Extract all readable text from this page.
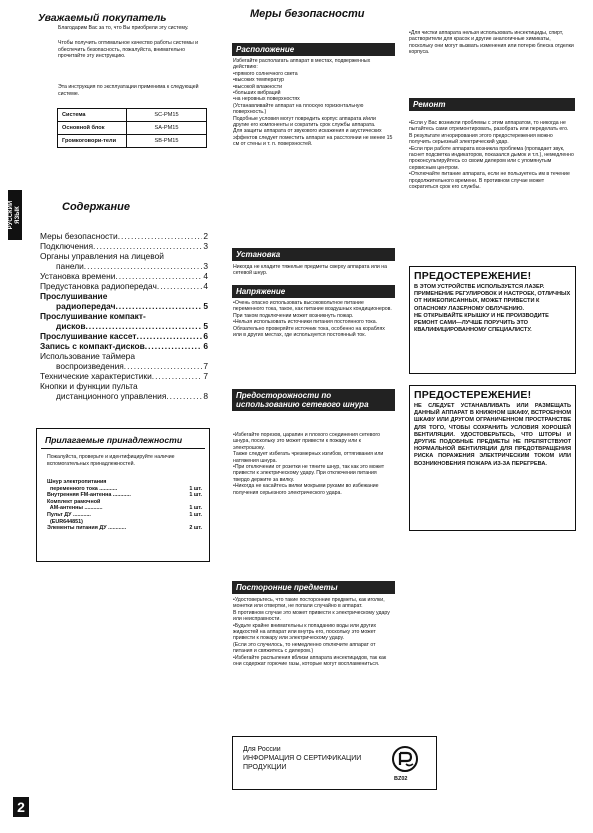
Уважаемый покупатель
Благодарим Вас за то, что Вы приобрели эту систему.
Чтобы получить оптимальное качество работы системы и обеспечить безопасность, пожалуйста, внимательно прочитайте эту инструкцию.
Эта инструкция по эксплуатации применима к следующей системе.
Система	SC-PM15
Основной блок	SA-PM15
Громкоговори-тели	SB-PM15
РУССКИЙ ЯЗЫК	Содержание
Меры безопасности .....	2
Подключения .....	3
Органы управления на лицевой
панели .....	3
Установка времени .....	4
Предустановка радиопередач .....	4
Прослушивание
радиопередач .....	5
Прослушивание компакт-
дисков .....	5
Прослушивание кассет .....	6
Запись с компакт-дисков .....	6
Использование таймера
воспроизведения .....	7
Технические характеристики .....	7
Кнопки и функции пульта
дистанционного управления .....	8
Прилагаемые принадлежности
Пожалуйста, проверьте и идентифицируйте наличие вспомогательных принадлежностей.
Шнур электропитания
переменного тока ............	1 шт.
Внутренняя FM-антенна ............	1 шт.
Комплект рамочной
AM-антенны ............	1 шт.
Пульт ДУ ............	1 шт.
(EUR644851)
Элементы питания ДУ ............	2 шт.
Меры безопасности
Расположение
Избегайте располагать аппарат в местах, подверженных действию:
•прямого солнечного света
•высоких температур
•высокой влажности
•больших вибраций
•на неровных поверхностях
(Устанавливайте аппарат на плоскую горизонтальную поверхность.)
Подобные условия могут повредить корпус аппарата и/или другие его компоненты и сократить срок службы аппарата.
Для защиты аппарата от звукового искажения и акустических эффектов следует поместить аппарат на расстоянии не менее 15 см от стены и т. п. поверхностей.
Установка
Никогда не кладите тяжелые предметы сверху аппарата или на сетевой шнур.
Напряжение
•Очень опасно использовать высоковольтное питание переменного тока, такое, как питание воздушных кондиционеров.
При таком подключении может возникнуть пожар.
•Нельзя использовать источники питания постоянного тока.
Обязательно проверяйте источник тока, особенно на кораблях или в других местах, где используется постоянный ток.
Предосторожности по использованию сетевого шнура
•Избегайте порезов, царапин и плохого соединения сетевого шнура, поскольку это может привести к пожару или к электрошоку.
Также следует избегать чрезмерных изгибов, оттягивания или натяжения шнура.
•При отключении от розетки не тяните шнур, так как это может привести к электрическому удару. При отключении питания твердо держите за вилку.
•Никогда не касайтесь вилки мокрыми руками во избежание получения серьезного электрического удара.
Посторонние предметы
•Удостоверьтесь, что такие посторонние предметы, как иголки, монетки или отвертки, не попали случайно в аппарат.
В противном случае это может привести к электрическому удару или неисправности.
•Будьте крайне внимательны к попаданию воды или других жидкостей на аппарат или внутрь его, поскольку это может привести к пожару или электрическому удару.
(Если это случилось, то немедленно отключите аппарат от питания и свяжитесь с дилером.)
•Избегайте распыления вблизи аппарата инсектицидов, так как они содержат горючие газы, которые могут воспламениться.
•Для чистки аппарата нельзя использовать инсектициды, спирт, растворители для красок и другие аналогичные химикаты, поскольку они могут вызвать изменения или потерю блеска отделки корпуса.
Ремонт
•Если у Вас возникли проблемы с этим аппаратом, то никогда не пытайтесь сами отремонтировать, разобрать или переделать его.
В результате игнорирования этого предостережения можно получить серьезный электрический удар.
•Если при работе аппарата возникла проблема (пропадает звук, гаснет подсветка индикаторов, показался дымок и т.п.), немедленно проконсультируйтесь со своим дилером или с упомянутым сервисным центром.
•Отключайте питание аппарата, если не пользуетесь им в течение продолжительного времени. В противном случае может сократиться срок его службы.
ПРЕДОСТЕРЕЖЕНИЕ!
В ЭТОМ УСТРОЙСТВЕ ИСПОЛЬЗУЕТСЯ ЛАЗЕР.
ПРИМЕНЕНИЕ РЕГУЛИРОВОК И НАСТРОЕК, ОТЛИЧНЫХ ОТ НИЖЕОПИСАННЫХ, МОЖЕТ ПРИВЕСТИ К ОПАСНОМУ ЛАЗЕРНОМУ ОБЛУЧЕНИЮ.
НЕ ОТКРЫВАЙТЕ КРЫШКУ И НЕ ПРОИЗВОДИТЕ РЕМОНТ САМИ—ЛУЧШЕ ПОРУЧИТЬ ЭТО КВАЛИФИЦИРОВАННОМУ СПЕЦИАЛИСТУ.
ПРЕДОСТЕРЕЖЕНИЕ!
НЕ СЛЕДУЕТ УСТАНАВЛИВАТЬ ИЛИ РАЗМЕЩАТЬ ДАННЫЙ АППАРАТ В КНИЖНОМ ШКАФУ, ВСТРОЕННОМ ШКАФУ ИЛИ ДРУГОМ ОГРАНИЧЕННОМ ПРОСТРАНСТВЕ ДЛЯ ТОГО, ЧТОБЫ СОХРАНИТЬ УСЛОВИЯ ХОРОШЕЙ ВЕНТИЛЯЦИИ. УДОСТОВЕРЬТЕСЬ, ЧТО ШТОРЫ И ДРУГИЕ ПОДОБНЫЕ ПРЕДМЕТЫ НЕ ПРЕПЯТСТВУЮТ НОРМАЛЬНОЙ ВЕНТИЛЯЦИИ ДЛЯ ПРЕДОТВРАЩЕНИЯ РИСКА ПОРАЖЕНИЯ ЭЛЕКТРИЧЕСКИМ ТОКОМ ИЛИ ВОЗНИКНОВЕНИЯ ПОЖАРА ИЗ-ЗА ПЕРЕГРЕВА.
Для России
ИНФОРМАЦИЯ О СЕРТИФИКАЦИИ
ПРОДУКЦИИ
ВZ02
2
